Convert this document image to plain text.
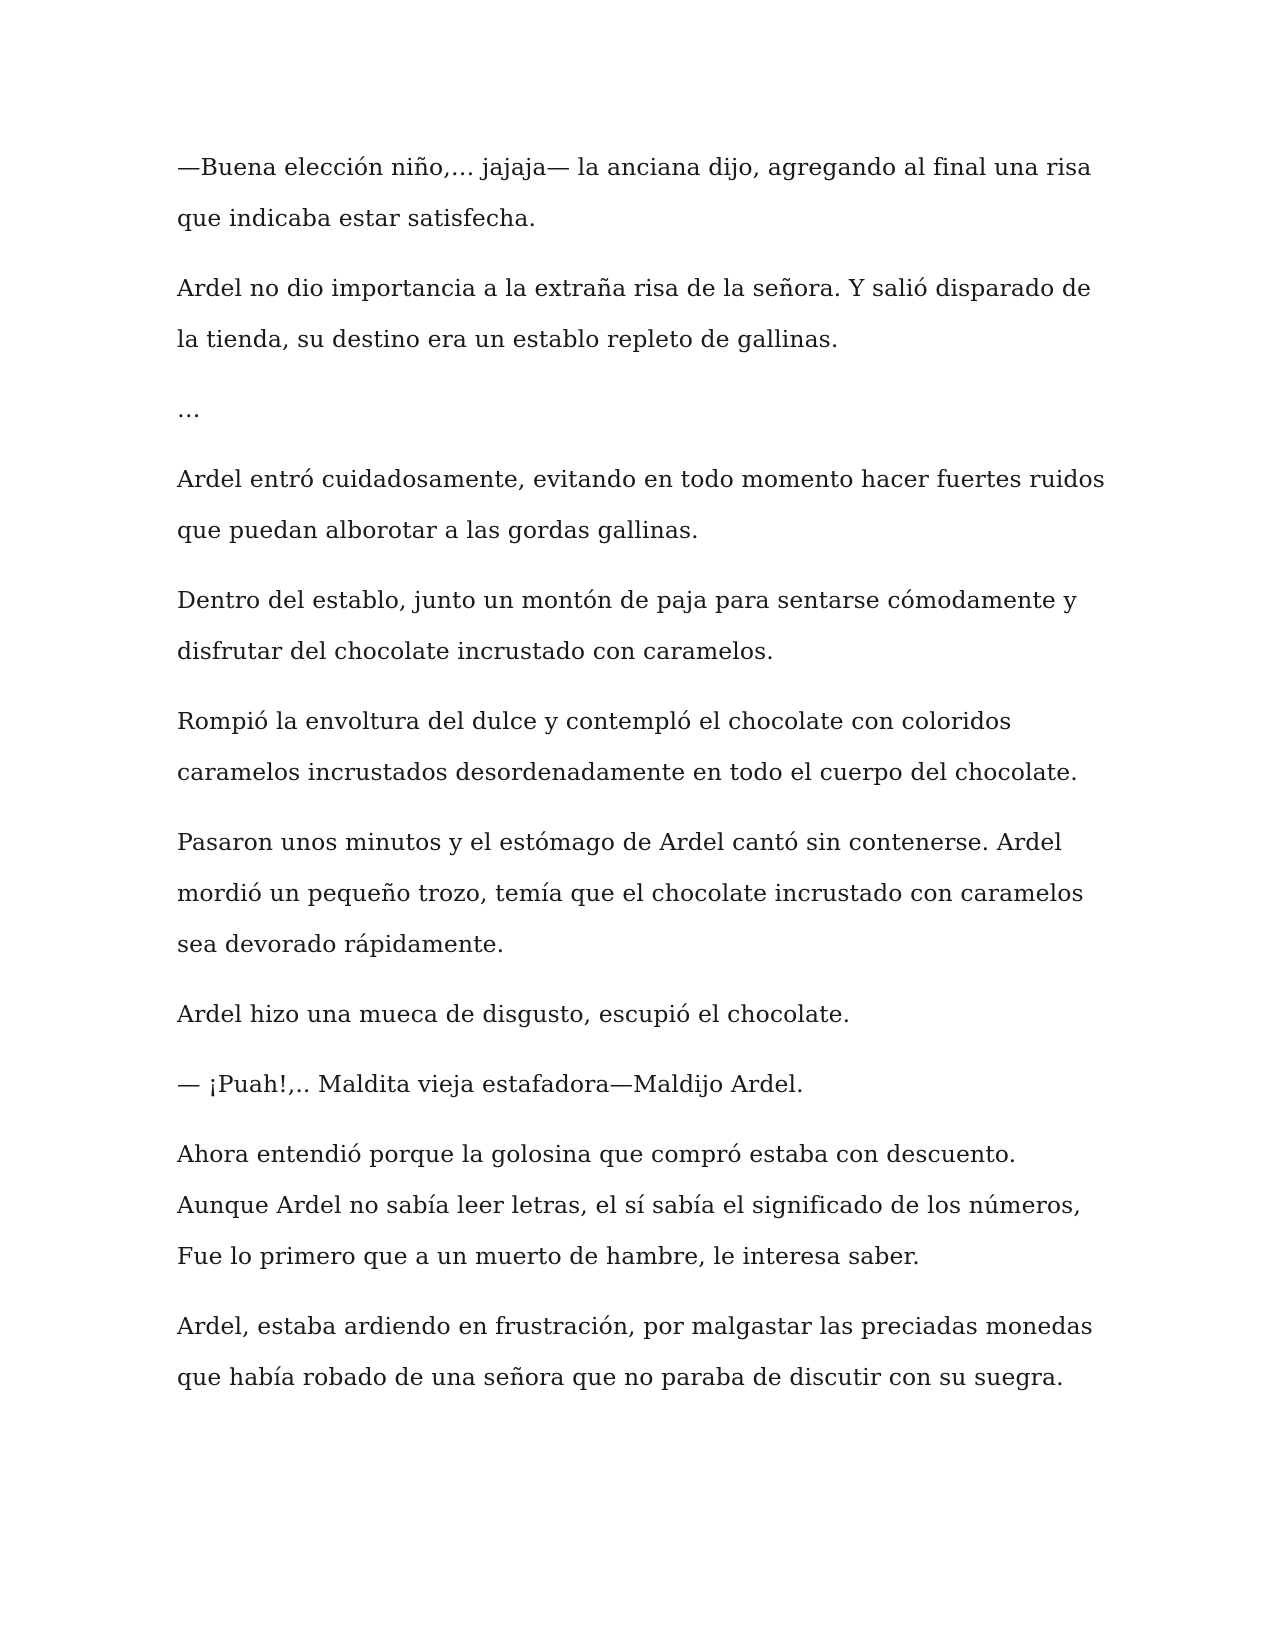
—Buena elección niño,… jajaja— la anciana dijo, agregando al final una risa
que indicaba estar satisfecha.

Ardel no dio importancia a la extraña risa de la señora. Y salió disparado de
la tienda, su destino era un establo repleto de gallinas.

…

Ardel entró cuidadosamente, evitando en todo momento hacer fuertes ruidos
que puedan alborotar a las gordas gallinas.

Dentro del establo, junto un montón de paja para sentarse cómodamente y
disfrutar del chocolate incrustado con caramelos.

Rompió la envoltura del dulce y contempló el chocolate con coloridos
caramelos incrustados desordenadamente en todo el cuerpo del chocolate.

Pasaron unos minutos y el estómago de Ardel cantó sin contenerse. Ardel
mordió un pequeño trozo, temía que el chocolate incrustado con caramelos
sea devorado rápidamente.

Ardel hizo una mueca de disgusto, escupió el chocolate.

— ¡Puah!,.. Maldita vieja estafadora—Maldijo Ardel.

Ahora entendió porque la golosina que compró estaba con descuento.
Aunque Ardel no sabía leer letras, el sí sabía el significado de los números,
Fue lo primero que a un muerto de hambre, le interesa saber.

Ardel, estaba ardiendo en frustración, por malgastar las preciadas monedas
que había robado de una señora que no paraba de discutir con su suegra.
